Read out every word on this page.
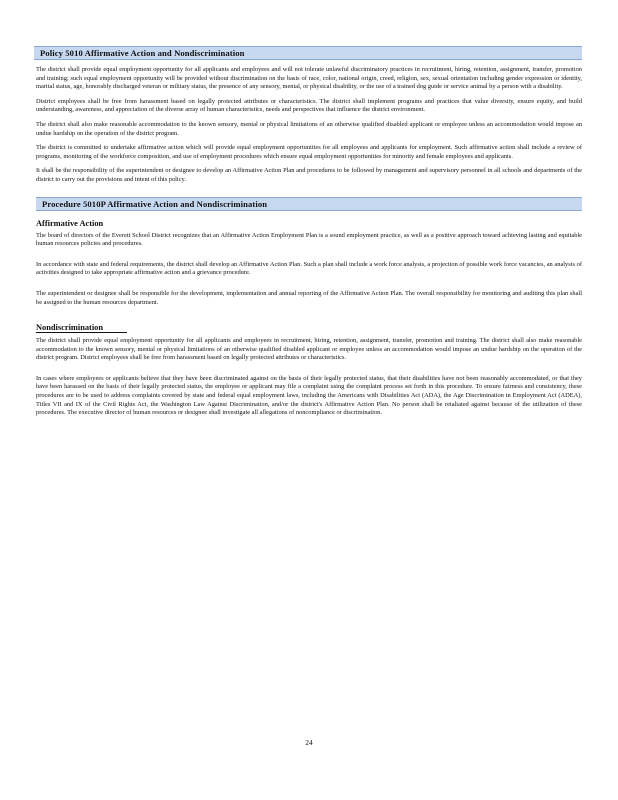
Policy 5010 Affirmative Action and Nondiscrimination

The district shall provide equal employment opportunity for all applicants and employees and will not tolerate unlawful discriminatory practices in recruitment, hiring, retention, assignment, transfer, promotion and training; such equal employment opportunity will be provided without discrimination on the basis of race, color, national origin, creed, religion, sex, sexual orientation including gender expression or identity, marital status, age, honorably discharged veteran or military status, the presence of any sensory, mental, or physical disability, or the use of a trained dog guide or service animal by a person with a disability.

District employees shall be free from harassment based on legally protected attributes or characteristics. The district shall implement programs and practices that value diversity, ensure equity, and build understanding, awareness, and appreciation of the diverse array of human characteristics, needs and perspectives that influence the district environment.

The district shall also make reasonable accommodation to the known sensory, mental or physical limitations of an otherwise qualified disabled applicant or employee unless an accommodation would impose an undue hardship on the operation of the district program.

The district is committed to undertake affirmative action which will provide equal employment opportunities for all employees and applicants for employment. Such affirmative action shall include a review of programs, monitoring of the workforce composition, and use of employment procedures which ensure equal employment opportunities for minority and female employees and applicants.

It shall be the responsibility of the superintendent or designee to develop an Affirmative Action Plan and procedures to be followed by management and supervisory personnel in all schools and departments of the district to carry out the provisions and intent of this policy.

Procedure 5010P Affirmative Action and Nondiscrimination
Affirmative Action

The board of directors of the Everett School District recognizes that an Affirmative Action Employment Plan is a sound employment practice, as well as a positive approach toward achieving lasting and equitable human resources policies and procedures.

In accordance with state and federal requirements, the district shall develop an Affirmative Action Plan. Such a plan shall include a work force analysis, a projection of possible work force vacancies, an analysis of activities designed to take appropriate affirmative action and a grievance procedure.

The superintendent or designee shall be responsible for the development, implementation and annual reporting of the Affirmative Action Plan. The overall responsibility for monitoring and auditing this plan shall be assigned to the human resources department.

Nondiscrimination

The district shall provide equal employment opportunity for all applicants and employees in recruitment, hiring, retention, assignment, transfer, promotion and training. The district shall also make reasonable accommodation to the known sensory, mental or physical limitations of an otherwise qualified disabled applicant or employee unless an accommodation would impose an undue hardship on the operation of the district program. District employees shall be free from harassment based on legally protected attributes or characteristics.

In cases where employees or applicants believe that they have been discriminated against on the basis of their legally protected status, that their disabilities have not been reasonably accommodated, or that they have been harassed on the basis of their legally protected status, the employee or applicant may file a complaint using the complaint process set forth in this procedure. To ensure fairness and consistency, these procedures are to be used to address complaints covered by state and federal equal employment laws, including the Americans with Disabilities Act (ADA), the Age Discrimination in Employment Act (ADEA), Titles VII and IX of the Civil Rights Act, the Washington Law Against Discrimination, and/or the district's Affirmative Action Plan. No person shall be retaliated against because of the utilization of these procedures. The executive director of human resources or designee shall investigate all allegations of noncompliance or discrimination.

24
